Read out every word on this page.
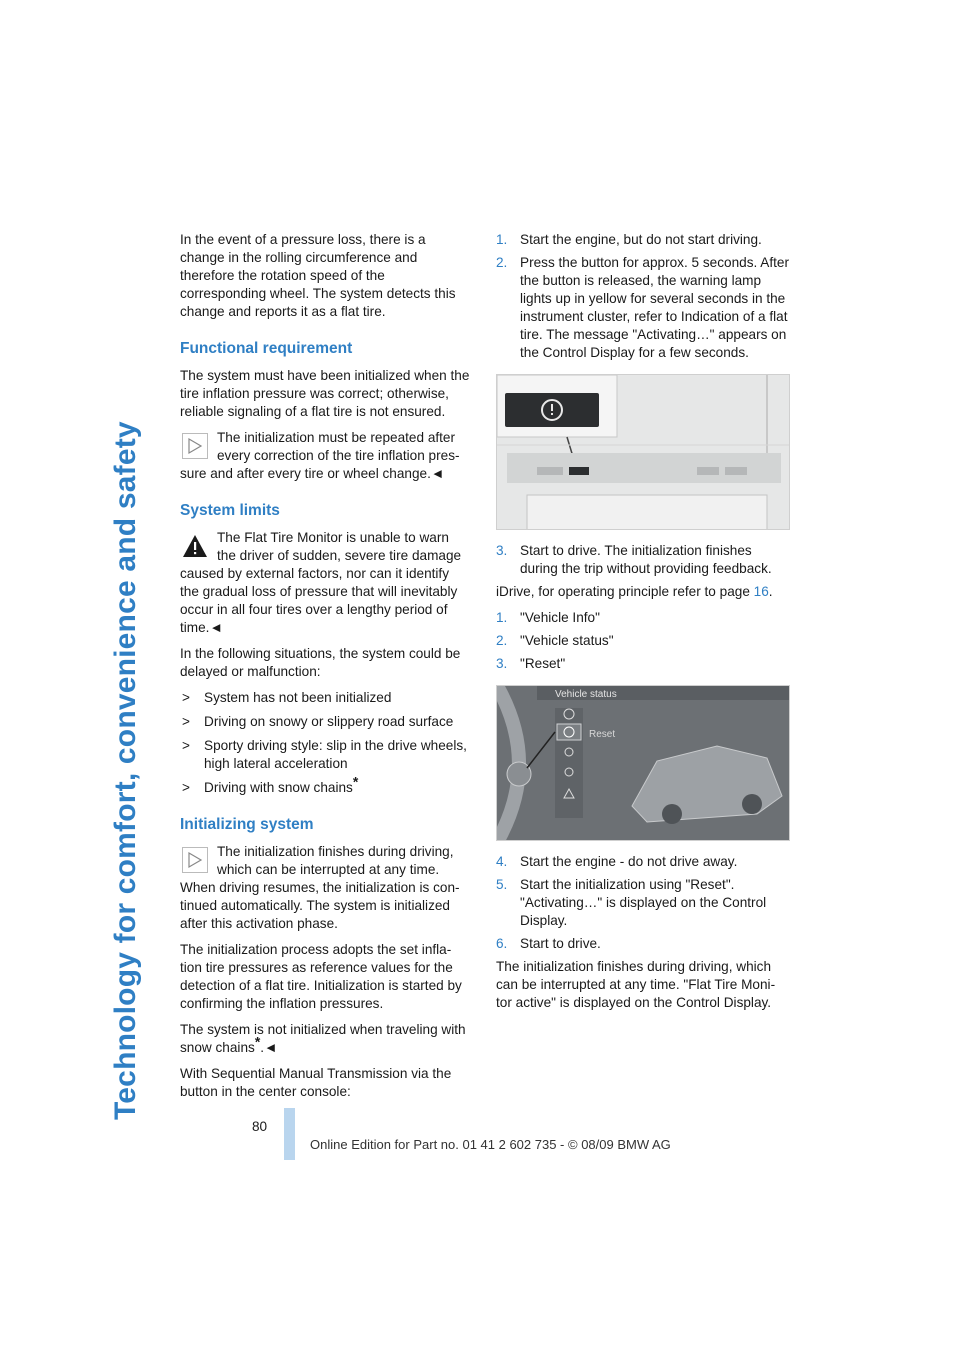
Technology for comfort, convenience and safety

In the event of a pressure loss, there is a change in the rolling circumference and therefore the rotation speed of the corresponding wheel. The system detects this change and reports it as a flat tire.

Functional requirement

The system must have been initialized when the tire inflation pressure was correct; otherwise, reliable signaling of a flat tire is not ensured.

The initialization must be repeated after every correction of the tire inflation pres-
sure and after every tire or wheel change.◄
System limits
The Flat Tire Monitor is unable to warn the driver of sudden, severe tire damage
caused by external factors, nor can it identify the gradual loss of pressure that will inevitably occur in all four tires over a lengthy period of time.◄

In the following situations, the system could be delayed or malfunction:

>	System has not been initialized
>	Driving on snowy or slippery road surface
>	Sporty driving style: slip in the drive wheels, high lateral acceleration
>	Driving with snow chains*
Initializing system
The initialization finishes during driving, which can be interrupted at any time.
When driving resumes, the initialization is con- tinued automatically. The system is initialized after this activation phase.

The initialization process adopts the set infla- tion tire pressures as reference values for the detection of a flat tire. Initialization is started by confirming the inflation pressures.

The system is not initialized when traveling with snow chains*.◄

With Sequential Manual Transmission via the button in the center console:

1. Start the engine, but do not start driving.
2. Press the button for approx. 5 seconds. After the button is released, the warning lamp lights up in yellow for several seconds in the instrument cluster, refer to Indication of a flat tire. The message "Activating…" appears on the Control Display for a few seconds.
3. Start to drive. The initialization finishes during the trip without providing feedback.

iDrive, for operating principle refer to page 16.

1. "Vehicle Info"
2. "Vehicle status"
3. "Reset"
Vehicle status
Reset
4. Start the engine - do not drive away.
5. Start the initialization using "Reset". "Activating…" is displayed on the Control Display.
6. Start to drive.

The initialization finishes during driving, which can be interrupted at any time. "Flat Tire Moni- tor active" is displayed on the Control Display.

80
Online Edition for Part no. 01 41 2 602 735 - © 08/09 BMW AG
